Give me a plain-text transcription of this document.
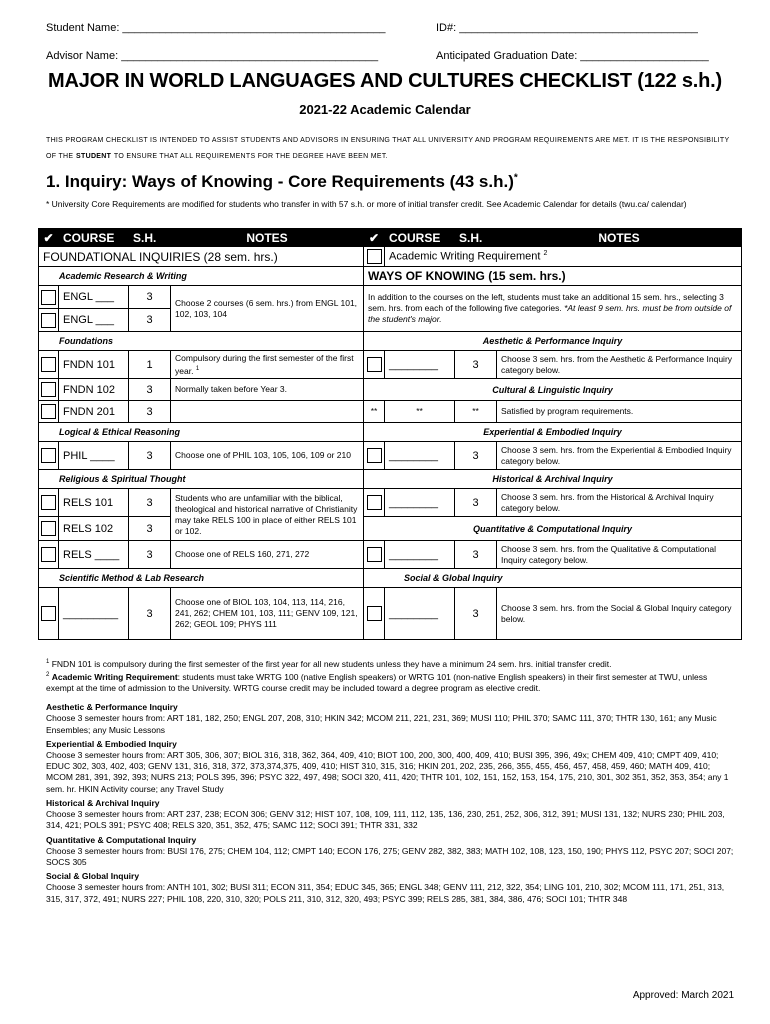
Student Name: ___________________________________________	ID#: _______________________________________
Advisor Name: __________________________________________	Anticipated Graduation Date: _____________________
MAJOR IN WORLD LANGUAGES AND CULTURES CHECKLIST (122 s.h.)
2021-22 Academic Calendar
THIS PROGRAM CHECKLIST IS INTENDED TO ASSIST STUDENTS AND ADVISORS IN ENSURING THAT ALL UNIVERSITY AND PROGRAM REQUIREMENTS ARE MET. IT IS THE RESPONSIBILITY OF THE STUDENT TO ENSURE THAT ALL REQUIREMENTS FOR THE DEGREE HAVE BEEN MET.
1. Inquiry: Ways of Knowing - Core Requirements (43 s.h.)*
* University Core Requirements are modified for students who transfer in with 57 s.h. or more of initial transfer credit. See Academic Calendar for details (twu.ca/ calendar)
✔	COURSE	S.H.	NOTES	✔	COURSE	S.H.	NOTES
FOUNDATIONAL INQUIRIES (28 sem. hrs.)					Academic Writing Requirement $^2$
Academic Research & Writing				WAYS OF KNOWING (15 sem. hrs.)			
	ENGL ___	3	Choose 2 courses (6 sem. hrs.) from ENGL 101, 102, 103, 104	In addition to the courses on the left, students must take an additional 15 sem. hrs., selecting 3 sem. hrs. from each of the following five categories. *At least 9 sem. hrs. must be from outside of the student's major.			
	ENGL ___	3					
Foundations				Aesthetic & Performance Inquiry			
	FNDN 101	1	Compulsory during the first semester of the first year. $^1$		________	3	Choose 3 sem. hrs. from the Aesthetic & Performance Inquiry category below.
	FNDN 102	3	Normally taken before Year 3.	Cultural & Linguistic Inquiry			
	FNDN 201	3		**	**	**	Satisfied by program requirements.
Logical & Ethical Reasoning				Experiential & Embodied Inquiry			
	PHIL ____	3	Choose one of PHIL 103, 105, 106, 109 or 210		________	3	Choose 3 sem. hrs. from the Experiential & Embodied Inquiry category below.
Religious & Spiritual Thought				Historical & Archival Inquiry			
	RELS 101	3	Students who are unfamiliar with the biblical, theological and historical narrative of Christianity may take RELS 100 in place of either RELS 101 or 102.		________	3	Choose 3 sem. hrs. from the Historical & Archival Inquiry category below.
	RELS 102	3		Quantitative & Computational Inquiry			
	RELS ____	3	Choose one of RELS 160, 271, 272		________	3	Choose 3 sem. hrs. from the Qualitative & Computational Inquiry category below.
Scientific Method & Lab Research				Social & Global Inquiry			
	_________	3	Choose one of BIOL 103, 104, 113, 114, 216, 241, 262; CHEM 101, 103, 111; GENV 109, 121, 262; GEOL 109; PHYS 111		________	3	Choose 3 sem. hrs. from the Social & Global Inquiry category below.
$^1$ FNDN 101 is compulsory during the first semester of the first year for all new students unless they have a minimum 24 sem. hrs. initial transfer credit.
$^2$ Academic Writing Requirement: students must take WRTG 100 (native English speakers) or WRTG 101 (non-native English speakers) in their first semester at TWU, unless exempt at the time of admission to the University. WRTG course credit may be included toward a degree program as elective credit.
Aesthetic & Performance Inquiry
Choose 3 semester hours from: ART 181, 182, 250; ENGL 207, 208, 310; HKIN 342; MCOM 211, 221, 231, 369; MUSI 110; PHIL 370; SAMC 111, 370; THTR 130, 161; any Music Ensembles; any Music Lessons
Experiential & Embodied Inquiry
Choose 3 semester hours from: ART 305, 306, 307; BIOL 316, 318, 362, 364, 409, 410; BIOT 100, 200, 300, 400, 409, 410; BUSI 395, 396, 49x; CHEM 409, 410; CMPT 409, 410; EDUC 302, 303, 402, 403; GENV 131, 316, 318, 372, 373,374,375, 409, 410; HIST 310, 315, 316; HKIN 201, 202, 235, 266, 355, 455, 456, 457, 458, 459, 460; MATH 409, 410; MCOM 281, 391, 392, 393; NURS 213; POLS 395, 396; PSYC 322, 497, 498; SOCI 320, 411, 420; THTR 101, 102, 151, 152, 153, 154, 175, 210, 301, 302 351, 352, 353, 354; any 1 sem. hr. HKIN Activity course; any Travel Study
Historical & Archival Inquiry
Choose 3 semester hours from: ART 237, 238; ECON 306; GENV 312; HIST 107, 108, 109, 111, 112, 135, 136, 230, 251, 252, 306, 312, 391; MUSI 131, 132; NURS 230; PHIL 203, 314, 421; POLS 391; PSYC 408; RELS 320, 351, 352, 475; SAMC 112; SOCI 391; THTR 331, 332
Quantitative & Computational Inquiry
Choose 3 semester hours from: BUSI 176, 275; CHEM 104, 112; CMPT 140; ECON 176, 275; GENV 282, 382, 383; MATH 102, 108, 123, 150, 190; PHYS 112, PSYC 207; SOCI 207; SOCS 305
Social & Global Inquiry
Choose 3 semester hours from: ANTH 101, 302; BUSI 311; ECON 311, 354; EDUC 345, 365; ENGL 348; GENV 111, 212, 322, 354; LING 101, 210, 302; MCOM 111, 171, 251, 313, 315, 317, 372, 491; NURS 227; PHIL 108, 220, 310, 320; POLS 211, 310, 312, 320, 493; PSYC 399; RELS 285, 381, 384, 386, 476; SOCI 101; THTR 348
Approved: March 2021
